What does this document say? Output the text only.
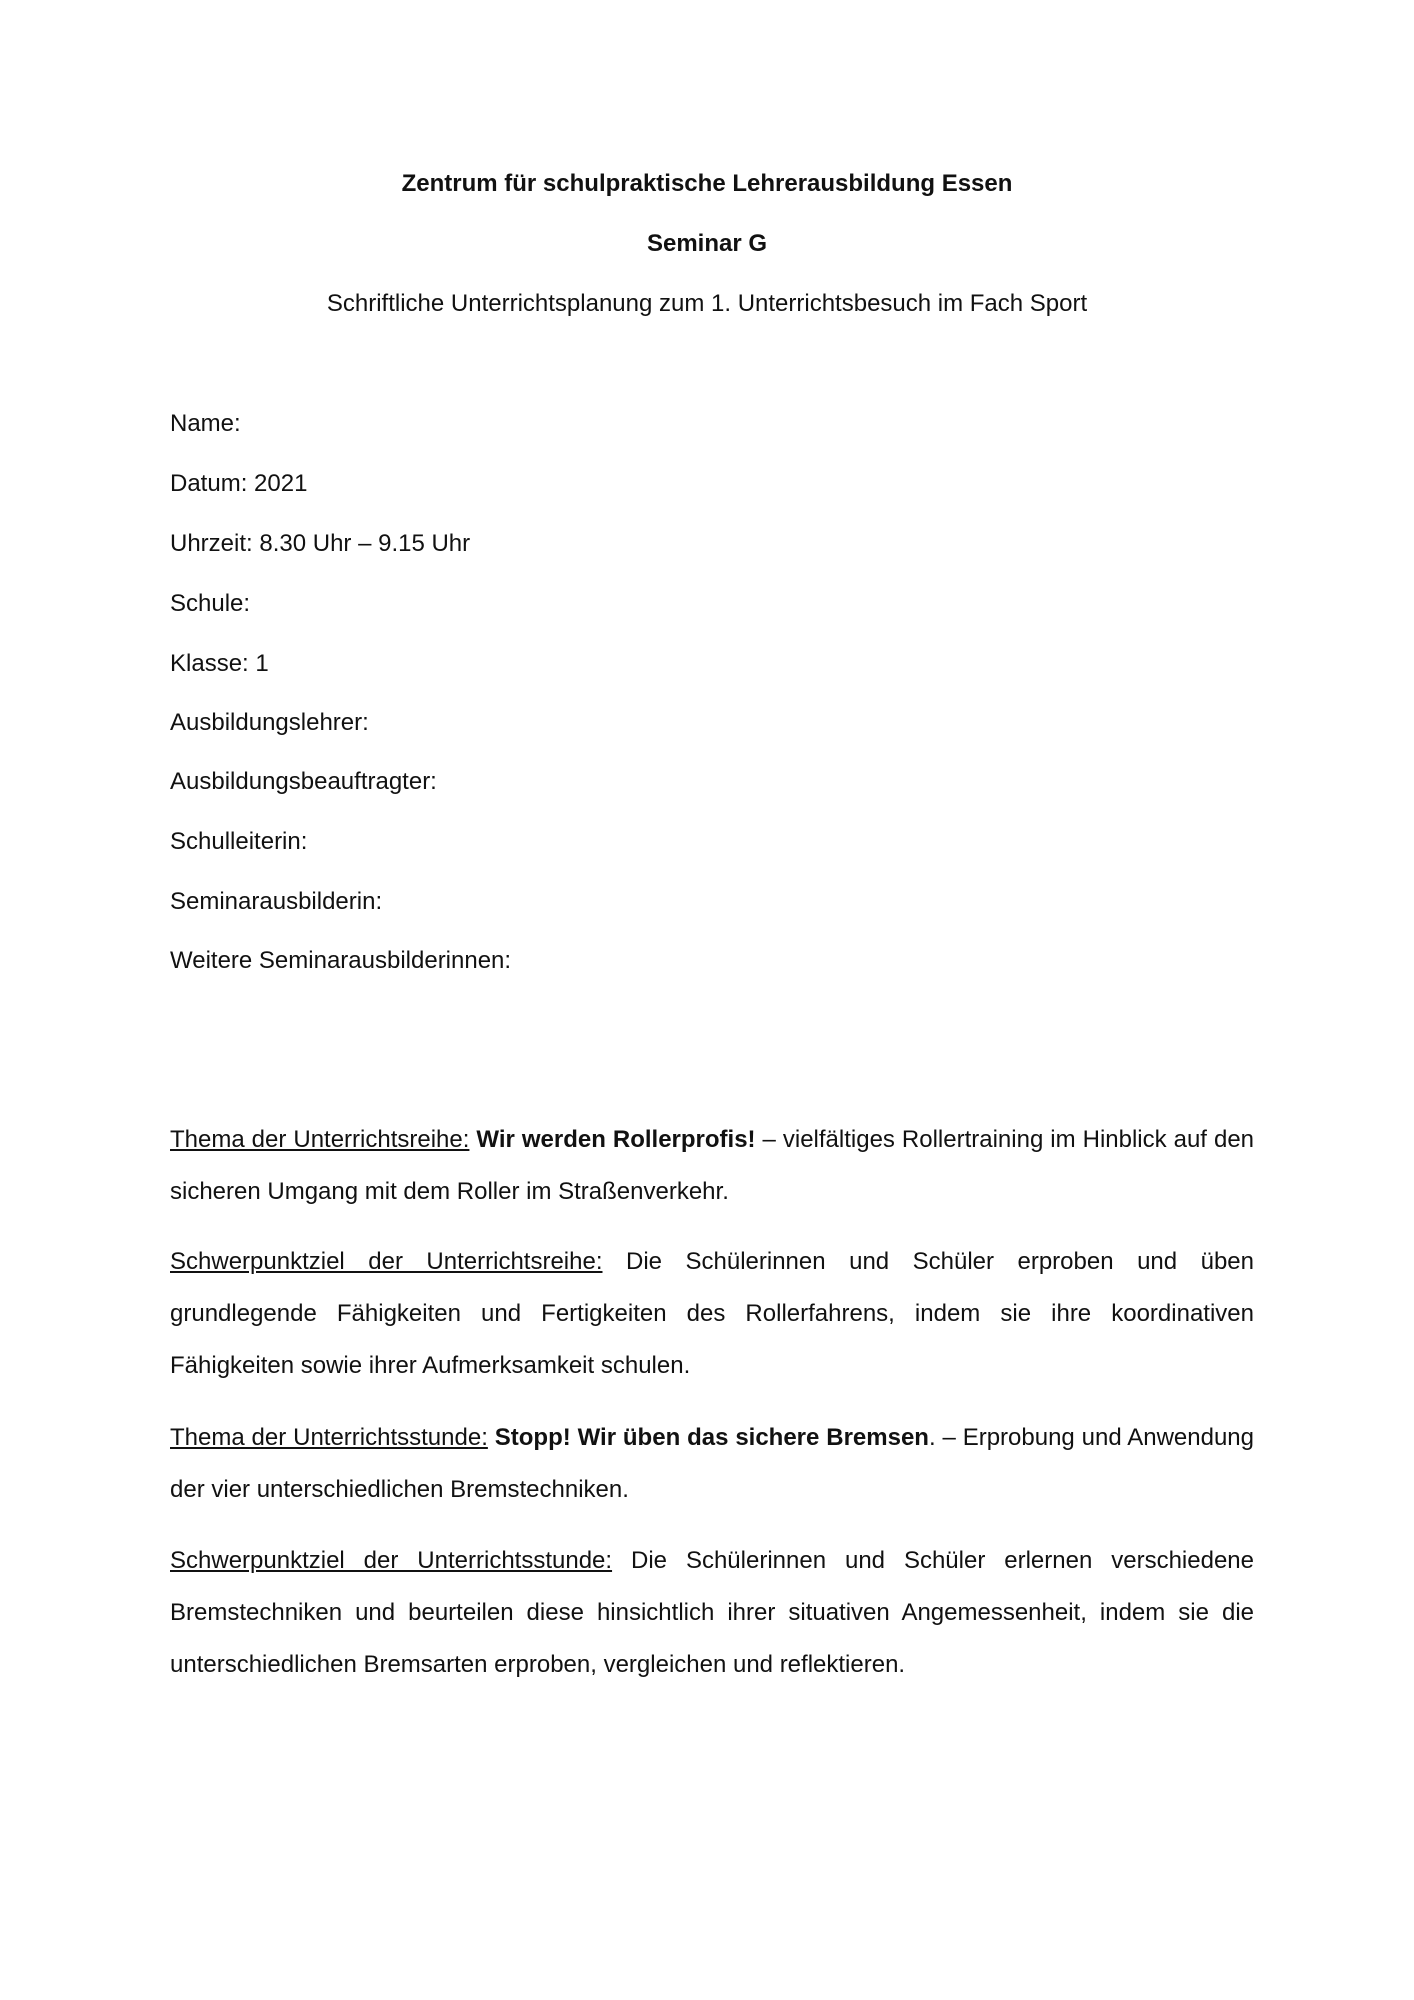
Zentrum für schulpraktische Lehrerausbildung Essen
Seminar G
Schriftliche Unterrichtsplanung zum 1. Unterrichtsbesuch im Fach Sport
Name:
Datum: 2021
Uhrzeit: 8.30 Uhr – 9.15 Uhr
Schule:
Klasse: 1
Ausbildungslehrer:
Ausbildungsbeauftragter:
Schulleiterin:
Seminarausbilderin:
Weitere Seminarausbilderinnen:
Thema der Unterrichtsreihe: Wir werden Rollerprofis! – vielfältiges Rollertraining im Hinblick auf den sicheren Umgang mit dem Roller im Straßenverkehr.
Schwerpunktziel der Unterrichtsreihe: Die Schülerinnen und Schüler erproben und üben grundlegende Fähigkeiten und Fertigkeiten des Rollerfahrens, indem sie ihre koordinativen Fähigkeiten sowie ihrer Aufmerksamkeit schulen.
Thema der Unterrichtsstunde: Stopp! Wir üben das sichere Bremsen. – Erprobung und Anwendung der vier unterschiedlichen Bremstechniken.
Schwerpunktziel der Unterrichtsstunde: Die Schülerinnen und Schüler erlernen verschiedene Bremstechniken und beurteilen diese hinsichtlich ihrer situativen Angemessenheit, indem sie die unterschiedlichen Bremsarten erproben, vergleichen und reflektieren.
